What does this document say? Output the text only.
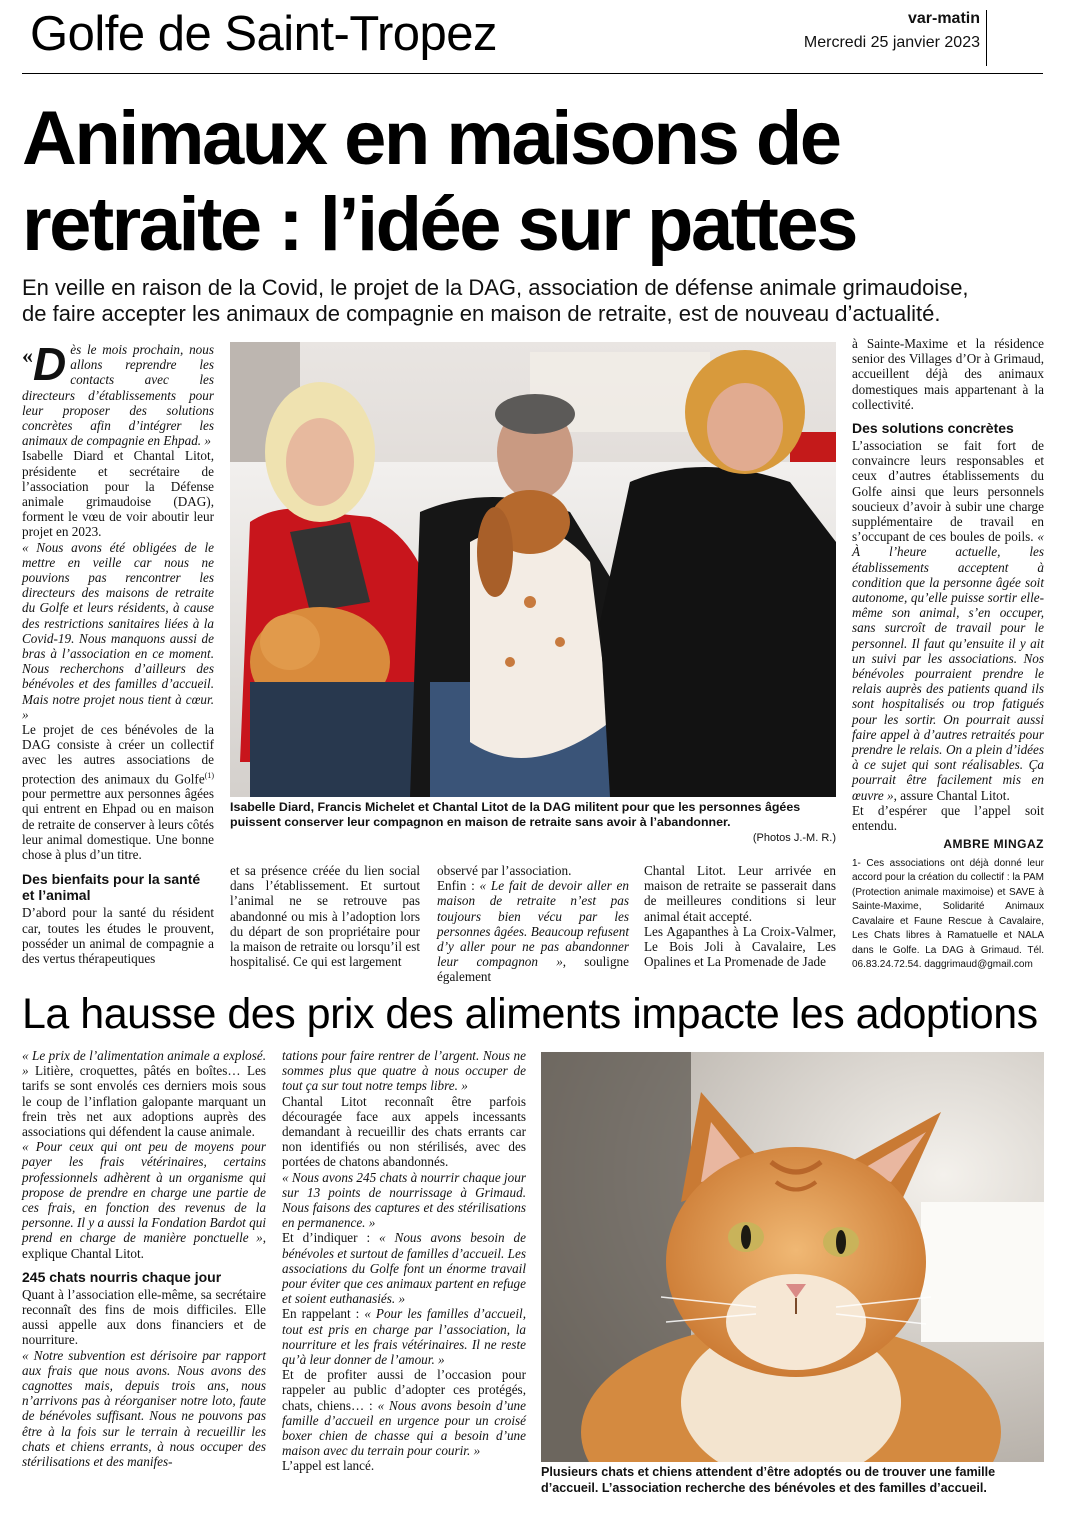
Golfe de Saint-Tropez	var-matin
Mercredi 25 janvier 2023
Animaux en maisons de
retraite : l’idée sur pattes
En veille en raison de la Covid, le projet de la DAG, association de défense animale grimaudoise,
de faire accepter les animaux de compagnie en maison de retraite, est de nouveau d’actualité.

« D ès le mois prochain, nous allons reprendre les contacts avec les directeurs d’établissements pour leur proposer des solutions concrètes afin d’intégrer les animaux de compagnie en Ehpad. »

Isabelle Diard et Chantal Litot, présidente et secrétaire de l’association pour la Défense animale grimaudoise (DAG), forment le vœu de voir aboutir leur projet en 2023.

« Nous avons été obligées de le mettre en veille car nous ne pouvions pas rencontrer les directeurs des maisons de retraite du Golfe et leurs résidents, à cause des restrictions sanitaires liées à la Covid-19. Nous manquons aussi de bras à l’association en ce moment. Nous recherchons d’ailleurs des bénévoles et des familles d’accueil. Mais notre projet nous tient à cœur. »

Le projet de ces bénévoles de la DAG consiste à créer un collectif avec les autres associations de protection des animaux du Golfe$^{(1)}$ pour permettre aux personnes âgées qui entrent en Ehpad ou en maison de retraite de conserver à leurs côtés leur animal domestique. Une bonne chose à plus d’un titre.

Des bienfaits pour la santé et l’animal

D’abord pour la santé du résident car, toutes les études le prouvent, posséder un animal de compagnie a des vertus thérapeutiques

Isabelle Diard, Francis Michelet et Chantal Litot de la DAG militent pour que les personnes âgées puissent conserver leur compagnon en maison de retraite sans avoir à l’abandonner.
(Photos J.-M. R.)

et sa présence créée du lien social dans l’établissement. Et surtout l’animal ne se retrouve pas abandonné ou mis à l’adoption lors du départ de son propriétaire pour la maison de retraite ou lorsqu’il est hospitalisé. Ce qui est largement

observé par l’association.

Enfin : « Le fait de devoir aller en maison de retraite n’est pas toujours bien vécu par les personnes âgées. Beaucoup refusent d’y aller pour ne pas abandonner leur compagnon », souligne également

Chantal Litot. Leur arrivée en maison de retraite se passerait dans de meilleures conditions si leur animal était accepté.

Les Agapanthes à La Croix-Valmer, Le Bois Joli à Cavalaire, Les Opalines et La Promenade de Jade

à Sainte-Maxime et la résidence senior des Villages d’Or à Grimaud, accueillent déjà des animaux domestiques mais appartenant à la collectivité.

Des solutions concrètes

L’association se fait fort de convaincre leurs responsables et ceux d’autres établissements du Golfe ainsi que leurs personnels soucieux d’avoir à subir une charge supplémentaire de travail en s’occupant de ces boules de poils. « À l’heure actuelle, les établissements acceptent à condition que la personne âgée soit autonome, qu’elle puisse sortir elle-même son animal, s’en occuper, sans surcroît de travail pour le personnel. Il faut qu’ensuite il y ait un suivi par les associations. Nos bénévoles pourraient prendre le relais auprès des patients quand ils sont hospitalisés ou trop fatigués pour les sortir. On pourrait aussi faire appel à d’autres retraités pour prendre le relais. On a plein d’idées à ce sujet qui sont réalisables. Ça pourrait être facilement mis en œuvre », assure Chantal Litot.

Et d’espérer que l’appel soit entendu.

AMBRE MINGAZ
1- Ces associations ont déjà donné leur accord pour la création du collectif : la PAM (Protection animale maximoise) et SAVE à Sainte-Maxime, Solidarité Animaux Cavalaire et Faune Rescue à Cavalaire, Les Chats libres à Ramatuelle et NALA dans le Golfe. La DAG à Grimaud. Tél. 06.83.24.72.54. daggrimaud@gmail.com
La hausse des prix des aliments impacte les adoptions

« Le prix de l’alimentation animale a explosé. » Litière, croquettes, pâtés en boîtes… Les tarifs se sont envolés ces derniers mois sous le coup de l’inflation galopante marquant un frein très net aux adoptions auprès des associations qui défendent la cause animale.

« Pour ceux qui ont peu de moyens pour payer les frais vétérinaires, certains professionnels adhèrent à un organisme qui propose de prendre en charge une partie de ces frais, en fonction des revenus de la personne. Il y a aussi la Fondation Bardot qui prend en charge de manière ponctuelle », explique Chantal Litot.

245 chats nourris chaque jour

Quant à l’association elle-même, sa secrétaire reconnaît des fins de mois difficiles. Elle aussi appelle aux dons financiers et de nourriture.

« Notre subvention est dérisoire par rapport aux frais que nous avons. Nous avons des cagnottes mais, depuis trois ans, nous n’arrivons pas à réorganiser notre loto, faute de bénévoles suffisant. Nous ne pouvons pas être à la fois sur le terrain à recueillir les chats et chiens errants, à nous occuper des stérilisations et des manifes-

tations pour faire rentrer de l’argent. Nous ne sommes plus que quatre à nous occuper de tout ça sur tout notre temps libre. »

Chantal Litot reconnaît être parfois découragée face aux appels incessants demandant à recueillir des chats errants car non identifiés ou non stérilisés, avec des portées de chatons abandonnés.

« Nous avons 245 chats à nourrir chaque jour sur 13 points de nourrissage à Grimaud. Nous faisons des captures et des stérilisations en permanence. »

Et d’indiquer : « Nous avons besoin de bénévoles et surtout de familles d’accueil. Les associations du Golfe font un énorme travail pour éviter que ces animaux partent en refuge et soient euthanasiés. »

En rappelant : « Pour les familles d’accueil, tout est pris en charge par l’association, la nourriture et les frais vétérinaires. Il ne reste qu’à leur donner de l’amour. »

Et de profiter aussi de l’occasion pour rappeler au public d’adopter ces protégés, chats, chiens… : « Nous avons besoin d’une famille d’accueil en urgence pour un croisé boxer chien de chasse qui a besoin d’une maison avec du terrain pour courir. »

L’appel est lancé.	Plusieurs chats et chiens attendent d’être adoptés ou de trouver une famille d’accueil. L’association recherche des bénévoles et des familles d’accueil.
